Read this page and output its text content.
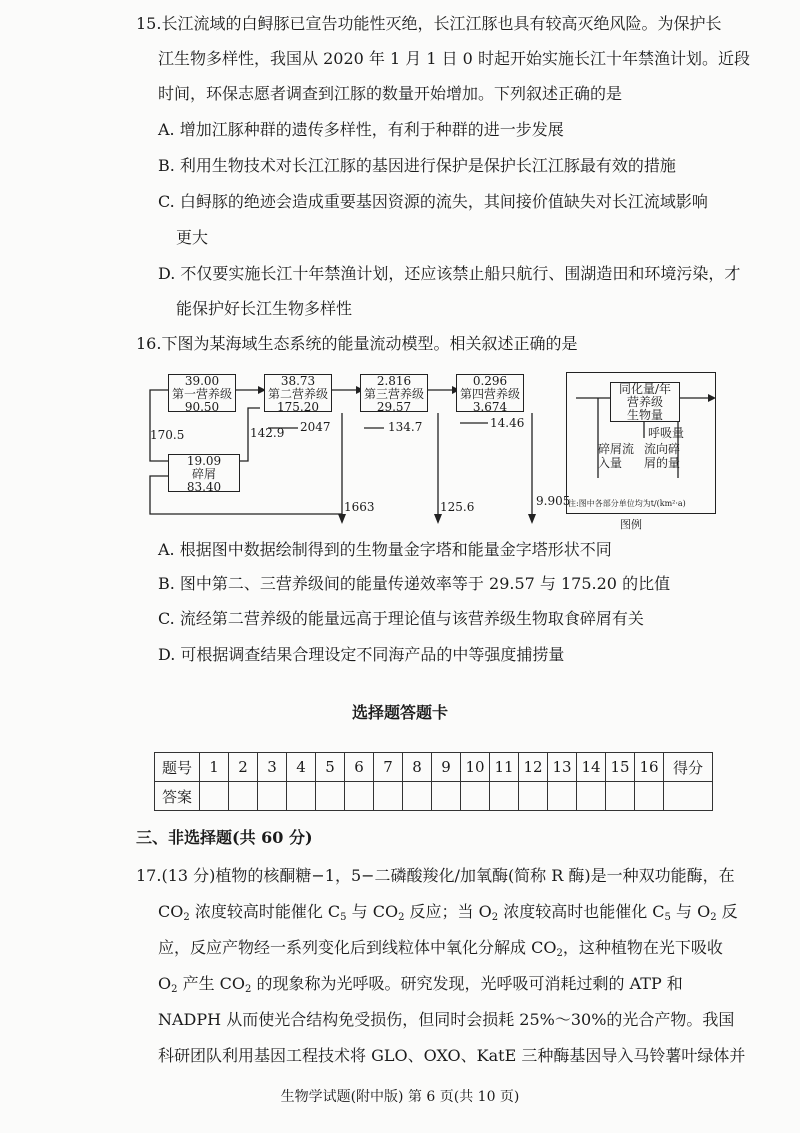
15.长江流域的白鲟豚已宣告功能性灭绝，长江江豚也具有较高灭绝风险。为保护长
江生物多样性，我国从 2020 年 1 月 1 日 0 时起开始实施长江十年禁渔计划。近段
时间，环保志愿者调查到江豚的数量开始增加。下列叙述正确的是
A. 增加江豚种群的遗传多样性，有利于种群的进一步发展
B. 利用生物技术对长江江豚的基因进行保护是保护长江江豚最有效的措施
C. 白鲟豚的绝迹会造成重要基因资源的流失，其间接价值缺失对长江流域影响
更大
D. 不仅要实施长江十年禁渔计划，还应该禁止船只航行、围湖造田和环境污染，才
能保护好长江生物多样性
16.下图为某海域生态系统的能量流动模型。相关叙述正确的是
39.00
第一营养级
90.50
38.73
第二营养级
175.20
2.816
第三营养级
29.57
0.296
第四营养级
3.674
19.09
碎屑
83.40
170.5	142.9 2047	134.7	14.46
1663	125.6	9.905
同化量/年
营养级
生物量
呼吸量
碎屑流
入量
流向碎
屑的量
注:图中各部分单位均为t/(km²·a)
图例
A. 根据图中数据绘制得到的生物量金字塔和能量金字塔形状不同
B. 图中第二、三营养级间的能量传递效率等于 29.57 与 175.20 的比值
C. 流经第二营养级的能量远高于理论值与该营养级生物取食碎屑有关
D. 可根据调查结果合理设定不同海产品的中等强度捕捞量
选择题答题卡
题号	1	2	3	4	5	6	7	8	9	10	11	12	13	14	15	16	得分
答案																	
三、非选择题(共 60 分)
17.(13 分)植物的核酮糖−1，5−二磷酸羧化/加氧酶(简称 R 酶)是一种双功能酶，在
$CO_2$ 浓度较高时能催化 $C_5$ 与 $CO_2$ 反应；当 $O_2$ 浓度较高时也能催化 $C_5$ 与 $O_2$ 反
应，反应产物经一系列变化后到线粒体中氧化分解成 $CO_2$，这种植物在光下吸收
$O_2$ 产生 $CO_2$ 的现象称为光呼吸。研究发现，光呼吸可消耗过剩的 ATP 和
NADPH 从而使光合结构免受损伤，但同时会损耗 25%～30%的光合产物。我国
科研团队利用基因工程技术将 GLO、OXO、KatE 三种酶基因导入马铃薯叶绿体并
生物学试题(附中版) 第 6 页(共 10 页)
